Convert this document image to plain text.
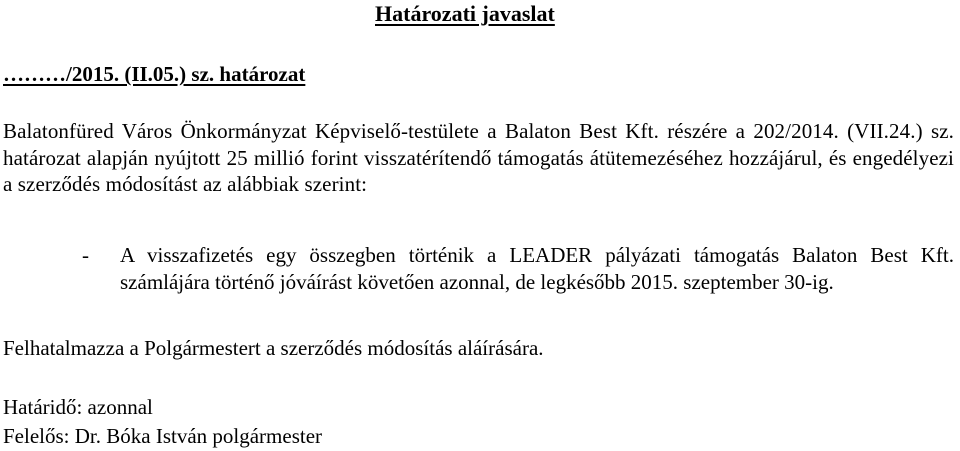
Határozati javaslat

………/2015. (II.05.) sz. határozat

Balatonfüred Város Önkormányzat Képviselő-testülete a Balaton Best Kft. részére a 202/2014. (VII.24.) sz. határozat alapján nyújtott 25 millió forint visszatérítendő támogatás átütemezéséhez hozzájárul, és engedélyezi a szerződés módosítást az alábbiak szerint:

- A visszafizetés egy összegben történik a LEADER pályázati támogatás Balaton Best Kft. számlájára történő jóváírást követően azonnal, de legkésőbb 2015. szeptember 30-ig.

Felhatalmazza a Polgármestert a szerződés módosítás aláírására.

Határidő: azonnal

Felelős: Dr. Bóka István polgármester
